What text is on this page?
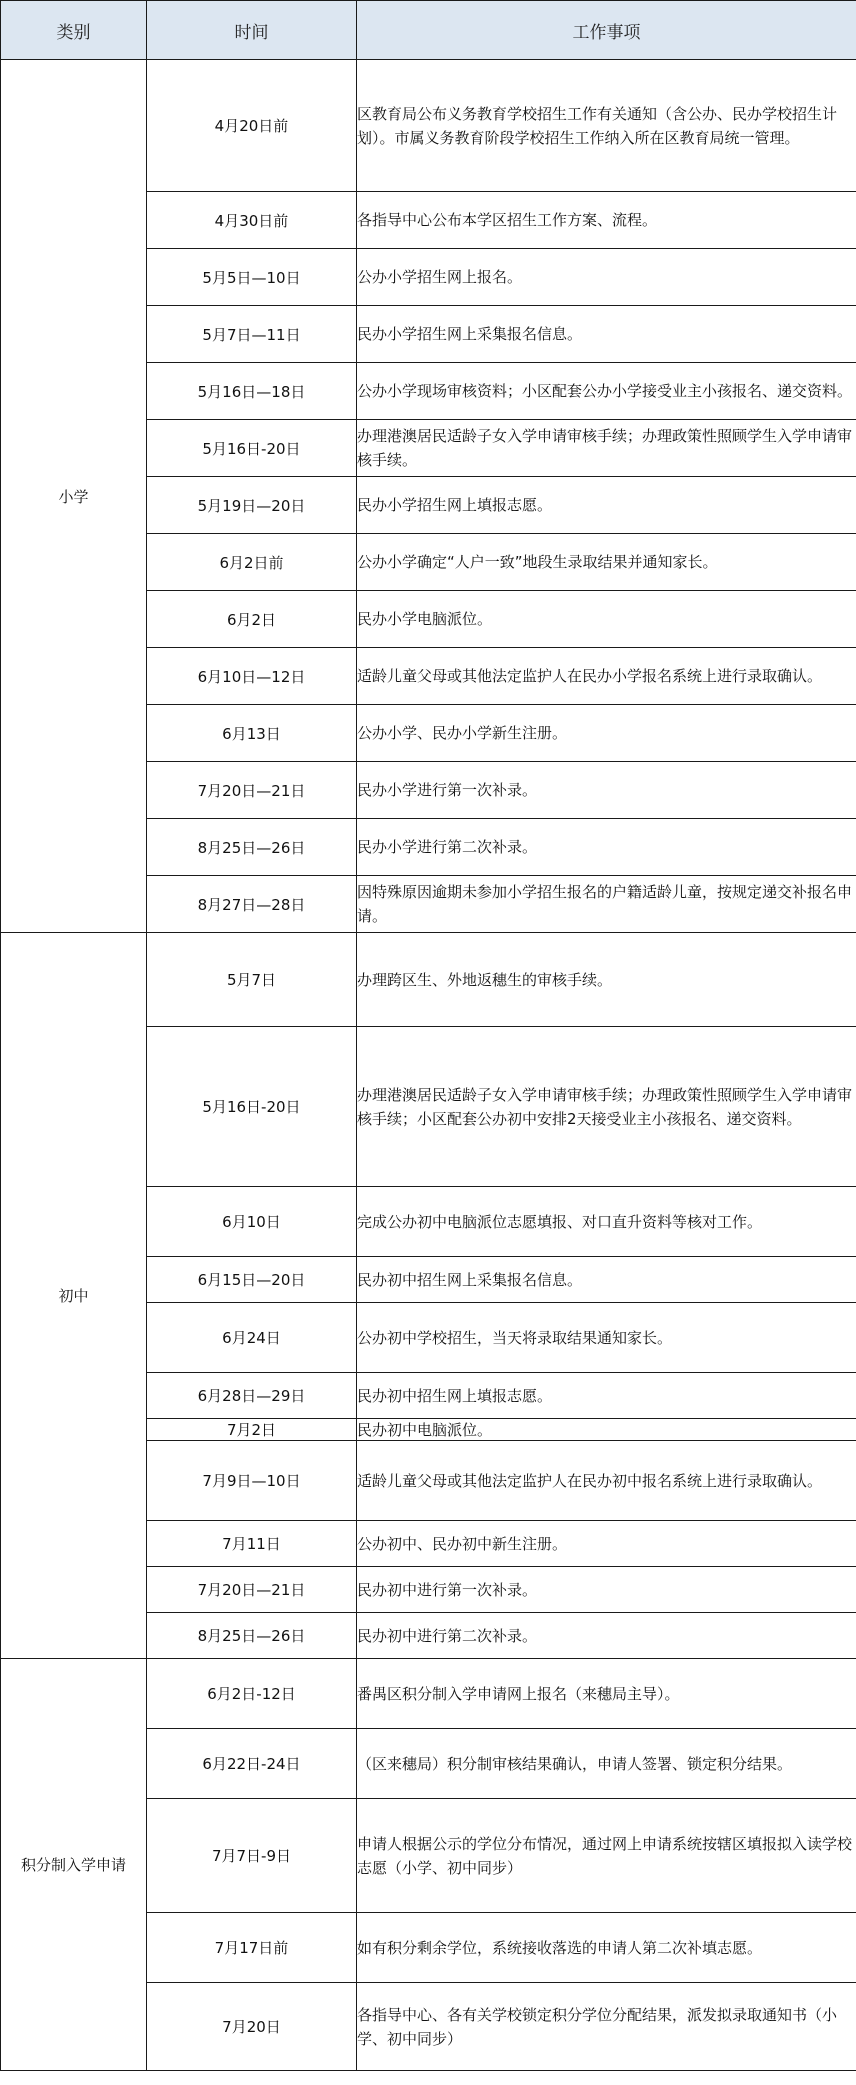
类别	时间	工作事项
小学	4月20日前	区教育局公布义务教育学校招生工作有关通知（含公办、民办学校招生计划）。市属义务教育阶段学校招生工作纳入所在区教育局统一管理。
	4月30日前	各指导中心公布本学区招生工作方案、流程。
	5月5日—10日	公办小学招生网上报名。
	5月7日—11日	民办小学招生网上采集报名信息。
	5月16日—18日	公办小学现场审核资料；小区配套公办小学接受业主小孩报名、递交资料。
	5月16日-20日	办理港澳居民适龄子女入学申请审核手续；办理政策性照顾学生入学申请审核手续。
	5月19日—20日	民办小学招生网上填报志愿。
	6月2日前	公办小学确定“人户一致”地段生录取结果并通知家长。
	6月2日	民办小学电脑派位。
	6月10日—12日	适龄儿童父母或其他法定监护人在民办小学报名系统上进行录取确认。
	6月13日	公办小学、民办小学新生注册。
	7月20日—21日	民办小学进行第一次补录。
	8月25日—26日	民办小学进行第二次补录。
	8月27日—28日	因特殊原因逾期未参加小学招生报名的户籍适龄儿童，按规定递交补报名申请。
初中	5月7日	办理跨区生、外地返穗生的审核手续。
	5月16日-20日	办理港澳居民适龄子女入学申请审核手续；办理政策性照顾学生入学申请审核手续；小区配套公办初中安排2天接受业主小孩报名、递交资料。
	6月10日	完成公办初中电脑派位志愿填报、对口直升资料等核对工作。
	6月15日—20日	民办初中招生网上采集报名信息。
	6月24日	公办初中学校招生，当天将录取结果通知家长。
	6月28日—29日	民办初中招生网上填报志愿。
	7月2日	民办初中电脑派位。
	7月9日—10日	适龄儿童父母或其他法定监护人在民办初中报名系统上进行录取确认。
	7月11日	公办初中、民办初中新生注册。
	7月20日—21日	民办初中进行第一次补录。
	8月25日—26日	民办初中进行第二次补录。
积分制入学申请	6月2日-12日	番禺区积分制入学申请网上报名（来穗局主导）。
	6月22日-24日	（区来穗局）积分制审核结果确认，申请人签署、锁定积分结果。
	7月7日-9日	申请人根据公示的学位分布情况，通过网上申请系统按辖区填报拟入读学校志愿（小学、初中同步）
	7月17日前	如有积分剩余学位，系统接收落选的申请人第二次补填志愿。
	7月20日	各指导中心、各有关学校锁定积分学位分配结果，派发拟录取通知书（小学、初中同步）
